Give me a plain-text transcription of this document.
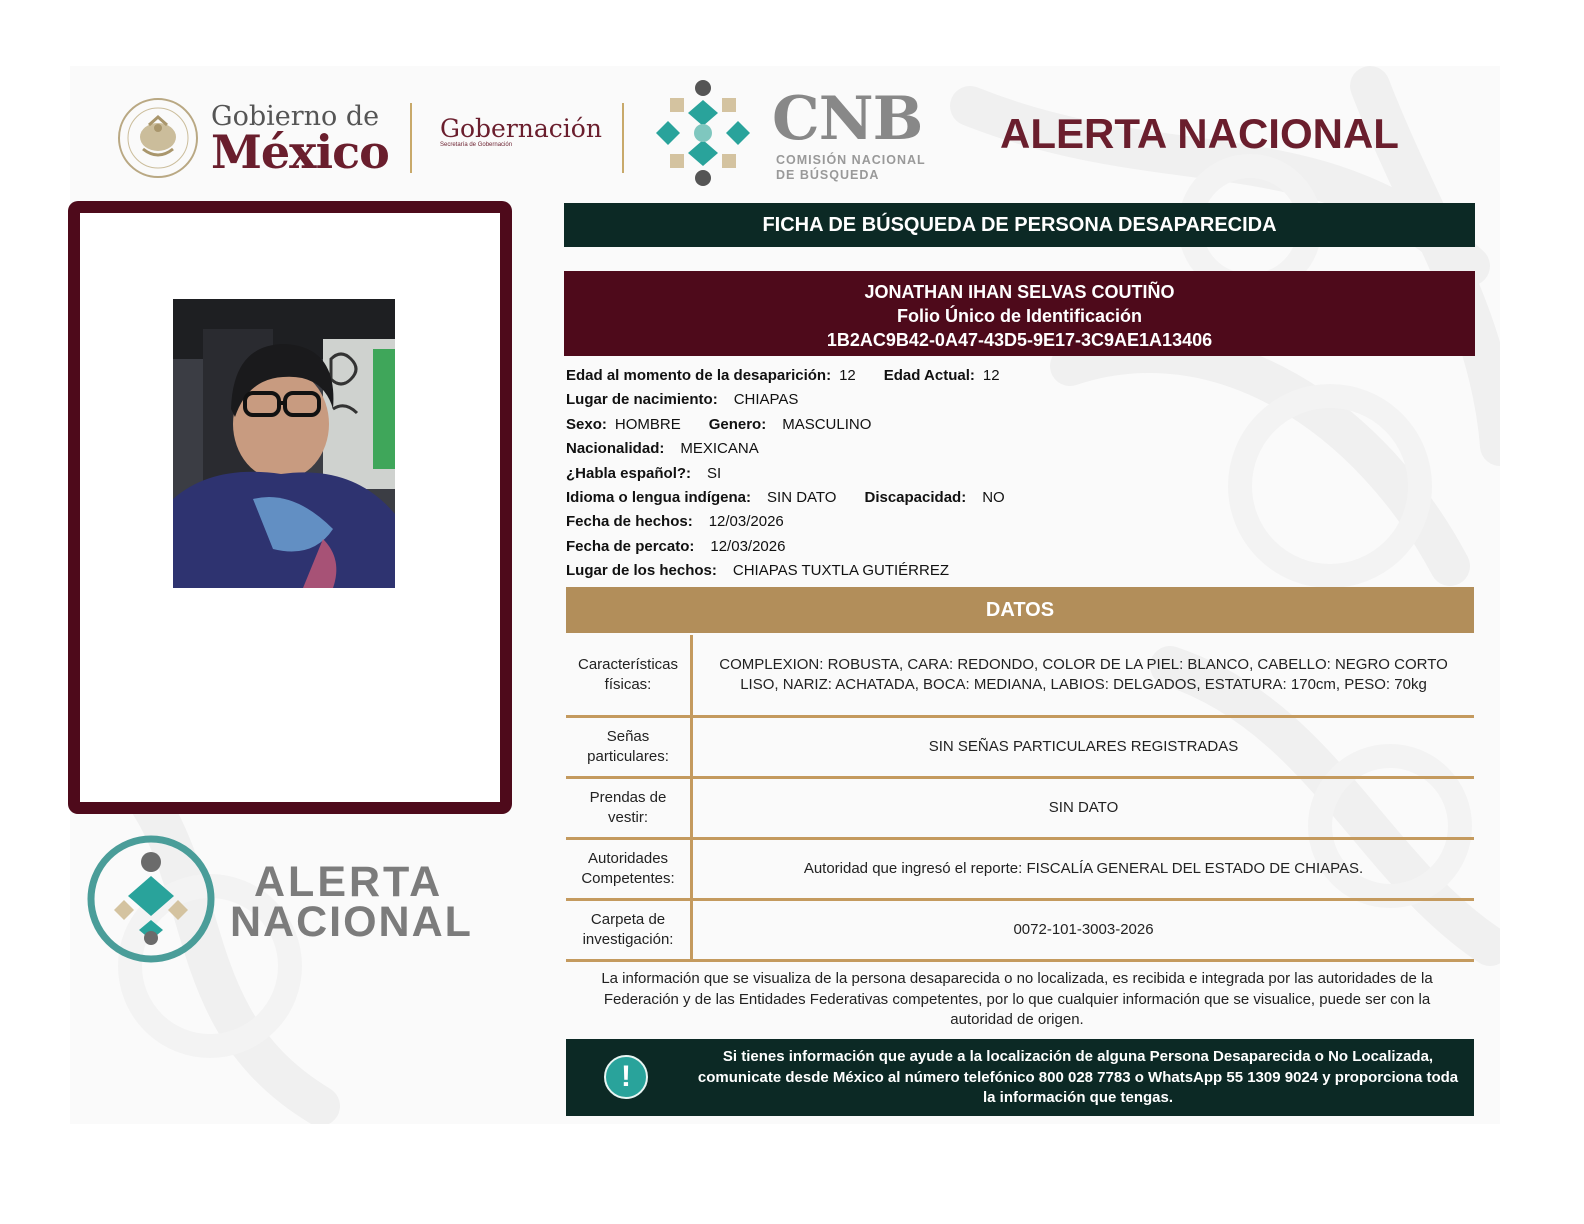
Gobierno de
México Gobernación
Secretaría de Gobernación	CNB
COMISIÓN NACIONAL
DE BÚSQUEDA
ALERTA NACIONAL
ALERTA
NACIONAL
FICHA DE BÚSQUEDA DE PERSONA DESAPARECIDA
JONATHAN IHAN SELVAS COUTIÑO
Folio Único de Identificación
1B2AC9B42-0A47-43D5-9E17-3C9AE1A13406
Edad al momento de la desaparición: 12 Edad Actual: 12
Lugar de nacimiento: CHIAPAS
Sexo: HOMBRE Genero: MASCULINO
Nacionalidad: MEXICANA
¿Habla español?: SI
Idioma o lengua indígena: SIN DATO Discapacidad: NO
Fecha de hechos: 12/03/2026
Fecha de percato: 12/03/2026
Lugar de los hechos: CHIAPAS TUXTLA GUTIÉRREZ
DATOS
Características
físicas:	COMPLEXION: ROBUSTA, CARA: REDONDO, COLOR DE LA PIEL: BLANCO, CABELLO: NEGRO CORTO LISO, NARIZ: ACHATADA, BOCA: MEDIANA, LABIOS: DELGADOS, ESTATURA: 170cm, PESO: 70kg
Señas
particulares:	SIN SEÑAS PARTICULARES REGISTRADAS
Prendas de
vestir:	SIN DATO
Autoridades
Competentes:	Autoridad que ingresó el reporte: FISCALÍA GENERAL DEL ESTADO DE CHIAPAS.
Carpeta de
investigación:	0072-101-3003-2026
La información que se visualiza de la persona desaparecida o no localizada, es recibida e integrada por las autoridades de la Federación y de las Entidades Federativas competentes, por lo que cualquier información que se visualice, puede ser con la autoridad de origen.
!
Si tienes información que ayude a la localización de alguna Persona Desaparecida o No Localizada, comunicate desde México al número telefónico 800 028 7783 o WhatsApp 55 1309 9024 y proporciona toda la información que tengas.
